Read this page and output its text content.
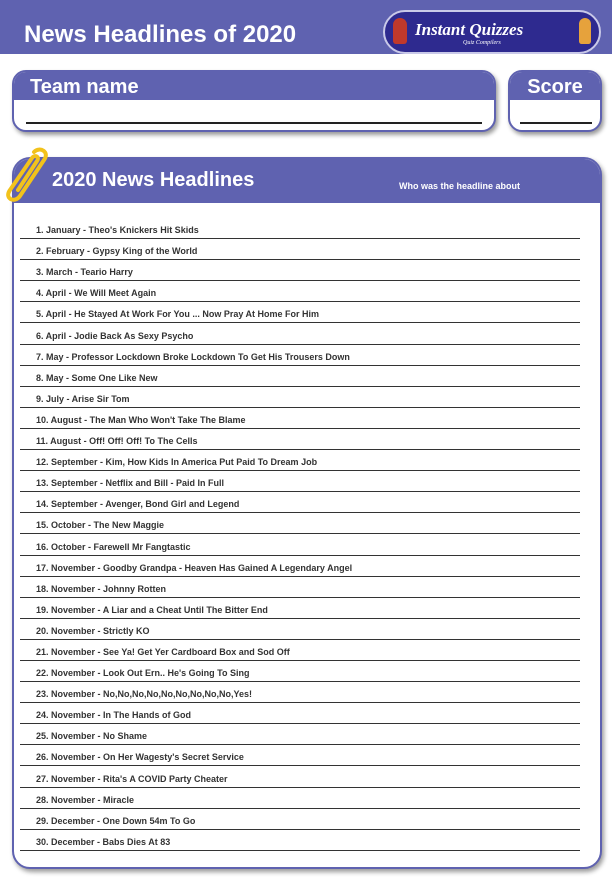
News Headlines of 2020	Instant Quizzes
Quiz Compilers
Team name	Score
2020 News Headlines	Who was the headline about
1. January - Theo's Knickers Hit Skids
2. February - Gypsy King of the World
3. March - Teario Harry
4. April - We Will Meet Again
5. April - He Stayed At Work For You ... Now Pray At Home For Him
6. April - Jodie Back As Sexy Psycho
7. May - Professor Lockdown Broke Lockdown To Get His Trousers Down
8. May - Some One Like New
9. July - Arise Sir Tom
10. August - The Man Who Won't Take The Blame
11. August - Off! Off! Off! To The Cells
12. September - Kim, How Kids In America Put Paid To Dream Job
13. September - Netflix and Bill - Paid In Full
14. September - Avenger, Bond Girl and Legend
15. October - The New Maggie
16. October - Farewell Mr Fangtastic
17. November - Goodby Grandpa - Heaven Has Gained A Legendary Angel
18. November - Johnny Rotten
19. November - A Liar and a Cheat Until The Bitter End
20. November - Strictly KO
21. November - See Ya! Get Yer Cardboard Box and Sod Off
22. November - Look Out Ern.. He's Going To Sing
23. November - No,No,No,No,No,No,No,No,No,Yes!
24. November - In The Hands of God
25. November - No Shame
26. November - On Her Wagesty's Secret Service
27. November - Rita's A COVID Party Cheater
28. November - Miracle
29. December - One Down 54m To Go
30. December - Babs Dies At 83
